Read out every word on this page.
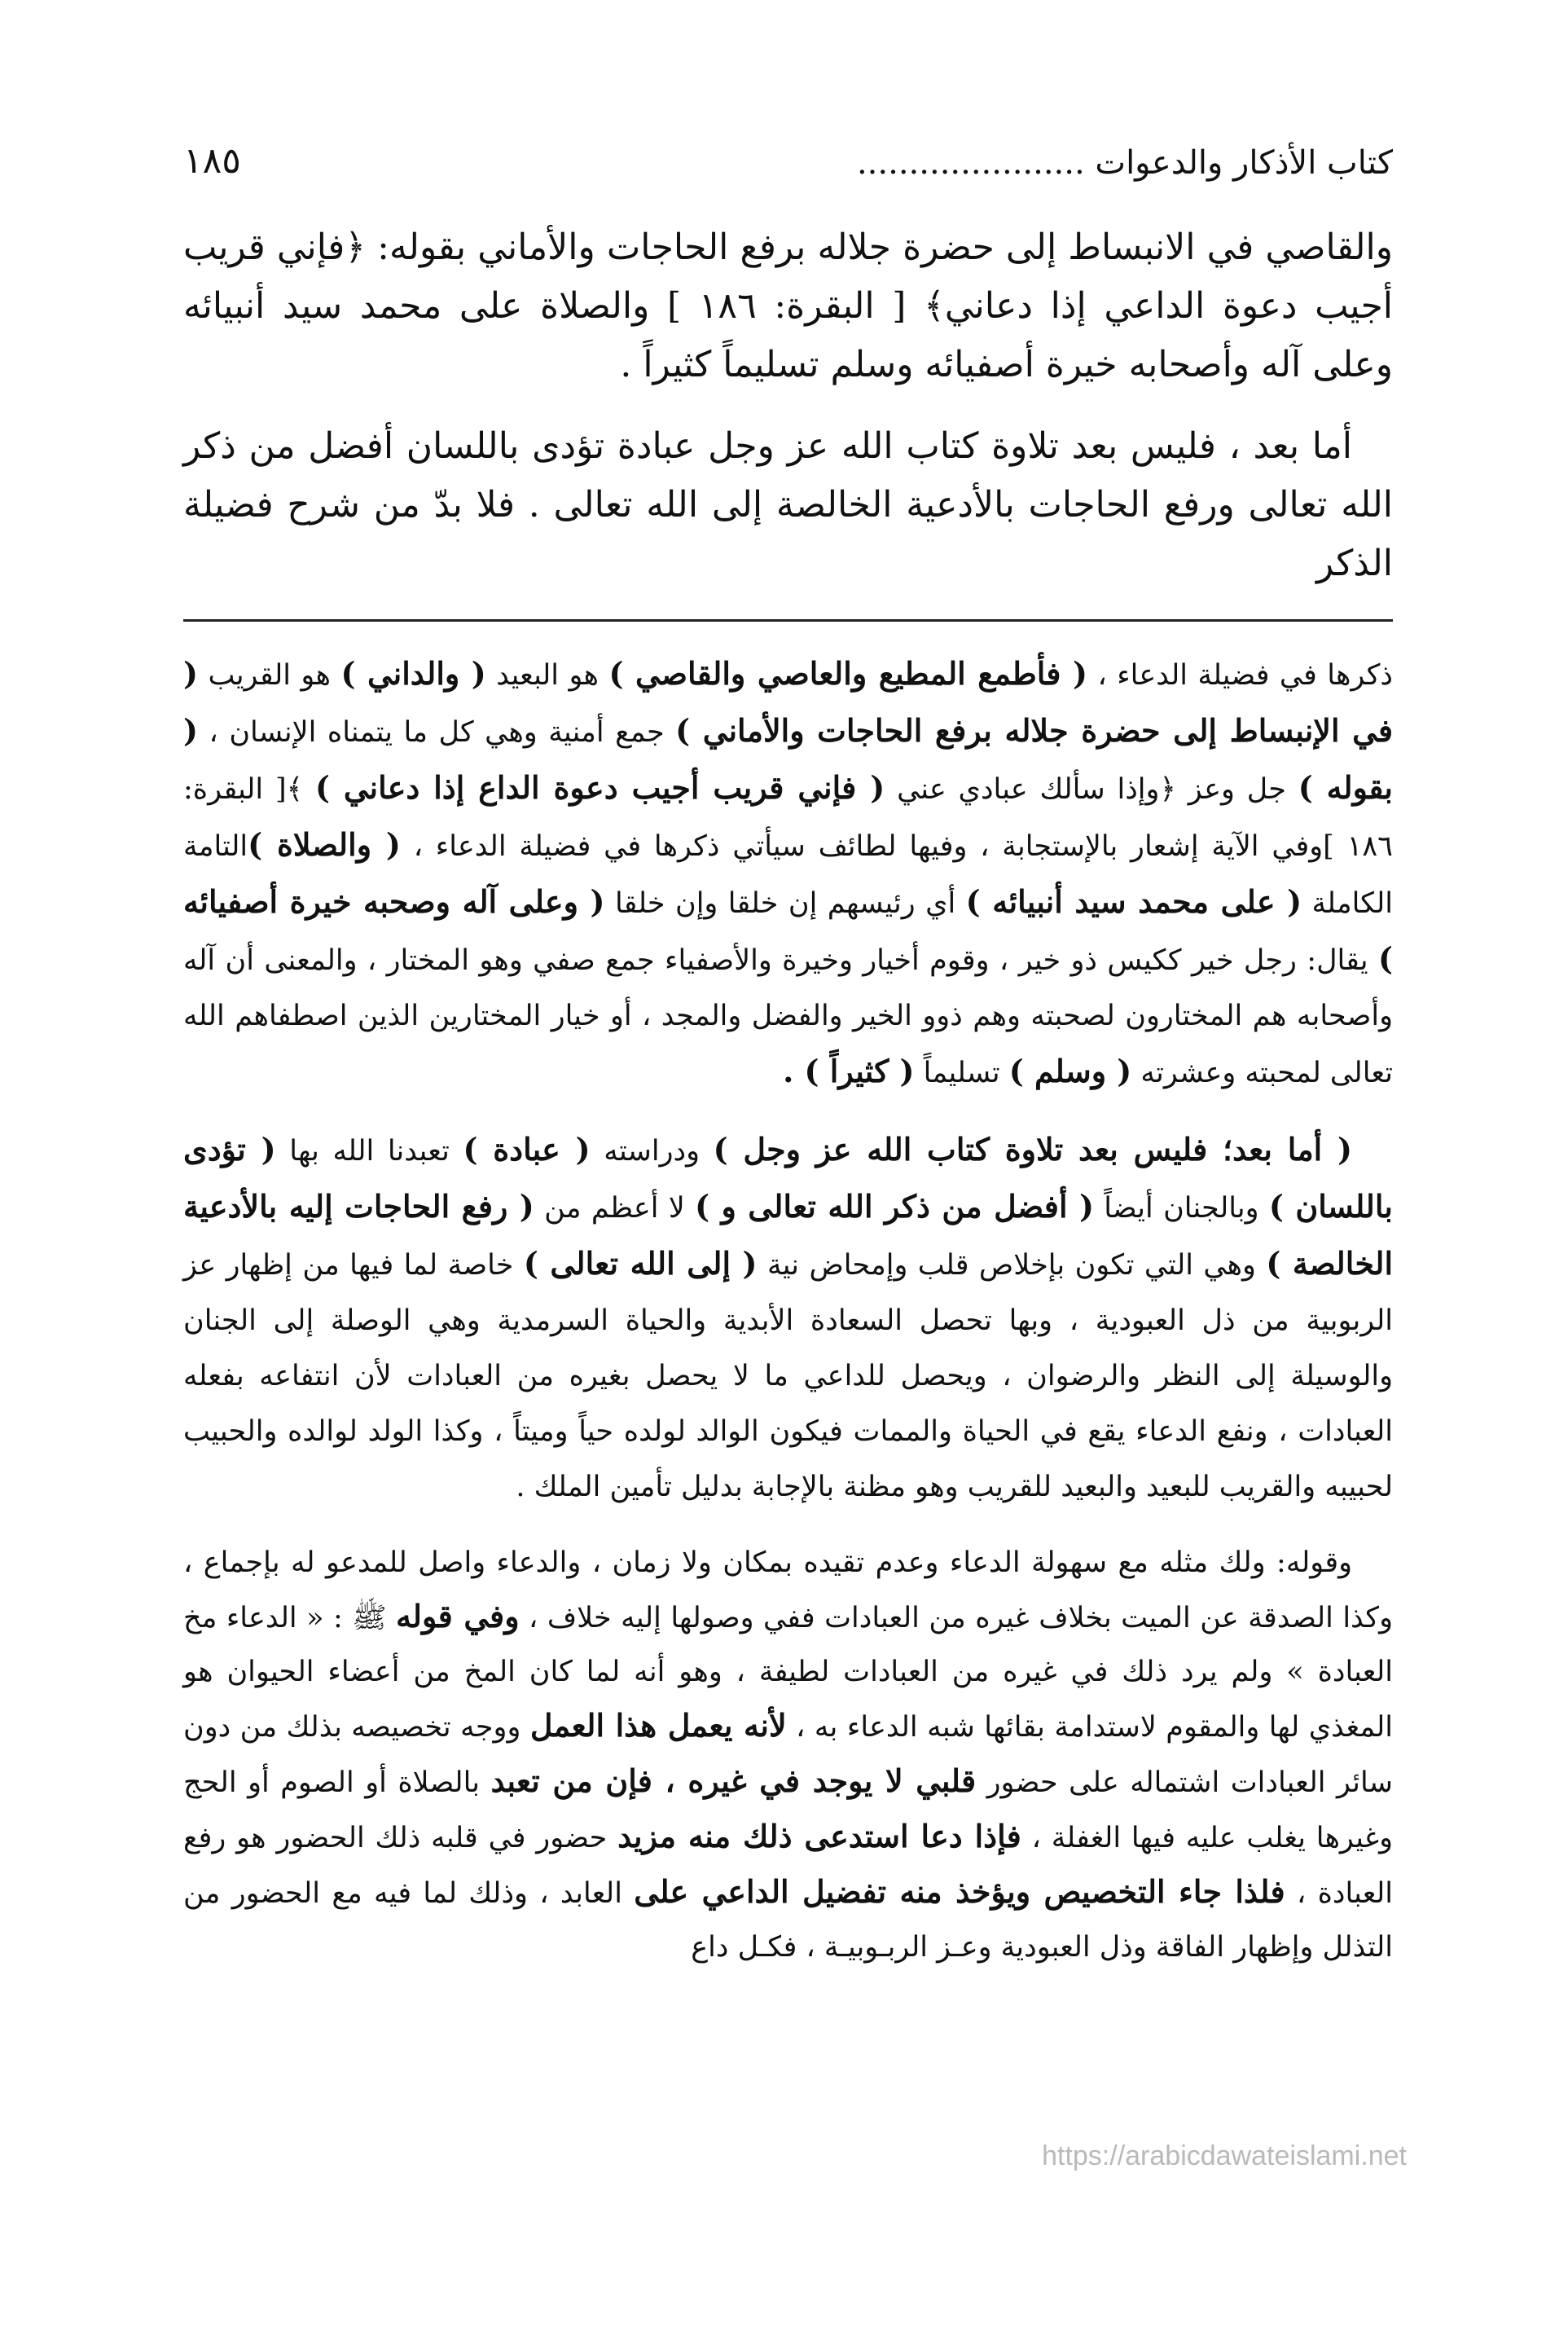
كتاب الأذكار والدعوات ......................
١٨٥

والقاصي في الانبساط إلى حضرة جلاله برفع الحاجات والأماني بقوله: ﴿فإني قريب أجيب دعوة الداعي إذا دعاني﴾ [ البقرة: ١٨٦ ] والصلاة على محمد سيد أنبيائه وعلى آله وأصحابه خيرة أصفيائه وسلم تسليماً كثيراً .

أما بعد ، فليس بعد تلاوة كتاب الله عز وجل عبادة تؤدى باللسان أفضل من ذكر الله تعالى ورفع الحاجات بالأدعية الخالصة إلى الله تعالى . فلا بدّ من شرح فضيلة الذكر

ذكرها في فضيلة الدعاء ، ( فأطمع المطيع والعاصي والقاصي ) هو البعيد ( والداني ) هو القريب ( في الإنبساط إلى حضرة جلاله برفع الحاجات والأماني ) جمع أمنية وهي كل ما يتمناه الإنسان ، ( بقوله ) جل وعز ﴿وإذا سألك عبادي عني ( فإني قريب أجيب دعوة الداع إذا دعاني ) ﴾[ البقرة: ١٨٦ ]وفي الآية إشعار بالإستجابة ، وفيها لطائف سيأتي ذكرها في فضيلة الدعاء ، ( والصلاة )التامة الكاملة ( على محمد سيد أنبيائه ) أي رئيسهم إن خلقا وإن خلقا ( وعلى آله وصحبه خيرة أصفيائه ) يقال: رجل خير ككيس ذو خير ، وقوم أخيار وخيرة والأصفياء جمع صفي وهو المختار ، والمعنى أن آله وأصحابه هم المختارون لصحبته وهم ذوو الخير والفضل والمجد ، أو خيار المختارين الذين اصطفاهم الله تعالى لمحبته وعشرته ( وسلم ) تسليماً ( كثيراً ) .

( أما بعد؛ فليس بعد تلاوة كتاب الله عز وجل ) ودراسته ( عبادة ) تعبدنا الله بها ( تؤدى باللسان ) وبالجنان أيضاً ( أفضل من ذكر الله تعالى و ) لا أعظم من ( رفع الحاجات إليه بالأدعية الخالصة ) وهي التي تكون بإخلاص قلب وإمحاض نية ( إلى الله تعالى ) خاصة لما فيها من إظهار عز الربوبية من ذل العبودية ، وبها تحصل السعادة الأبدية والحياة السرمدية وهي الوصلة إلى الجنان والوسيلة إلى النظر والرضوان ، ويحصل للداعي ما لا يحصل بغيره من العبادات لأن انتفاعه بفعله العبادات ، ونفع الدعاء يقع في الحياة والممات فيكون الوالد لولده حياً وميتاً ، وكذا الولد لوالده والحبيب لحبيبه والقريب للبعيد والبعيد للقريب وهو مظنة بالإجابة بدليل تأمين الملك .

وقوله: ولك مثله مع سهولة الدعاء وعدم تقيده بمكان ولا زمان ، والدعاء واصل للمدعو له بإجماع ، وكذا الصدقة عن الميت بخلاف غيره من العبادات ففي وصولها إليه خلاف ، وفي قوله ﷺ : « الدعاء مخ العبادة » ولم يرد ذلك في غيره من العبادات لطيفة ، وهو أنه لما كان المخ من أعضاء الحيوان هو المغذي لها والمقوم لاستدامة بقائها شبه الدعاء به ، لأنه يعمل هذا العمل ووجه تخصيصه بذلك من دون سائر العبادات اشتماله على حضور قلبي لا يوجد في غيره ، فإن من تعبد بالصلاة أو الصوم أو الحج وغيرها يغلب عليه فيها الغفلة ، فإذا دعا استدعى ذلك منه مزيد حضور في قلبه ذلك الحضور هو رفع العبادة ، فلذا جاء التخصيص ويؤخذ منه تفضيل الداعي على العابد ، وذلك لما فيه مع الحضور من التذلل وإظهار الفاقة وذل العبودية وعـز الربـوبيـة ، فكـل داع

https://arabicdawateislami.net
